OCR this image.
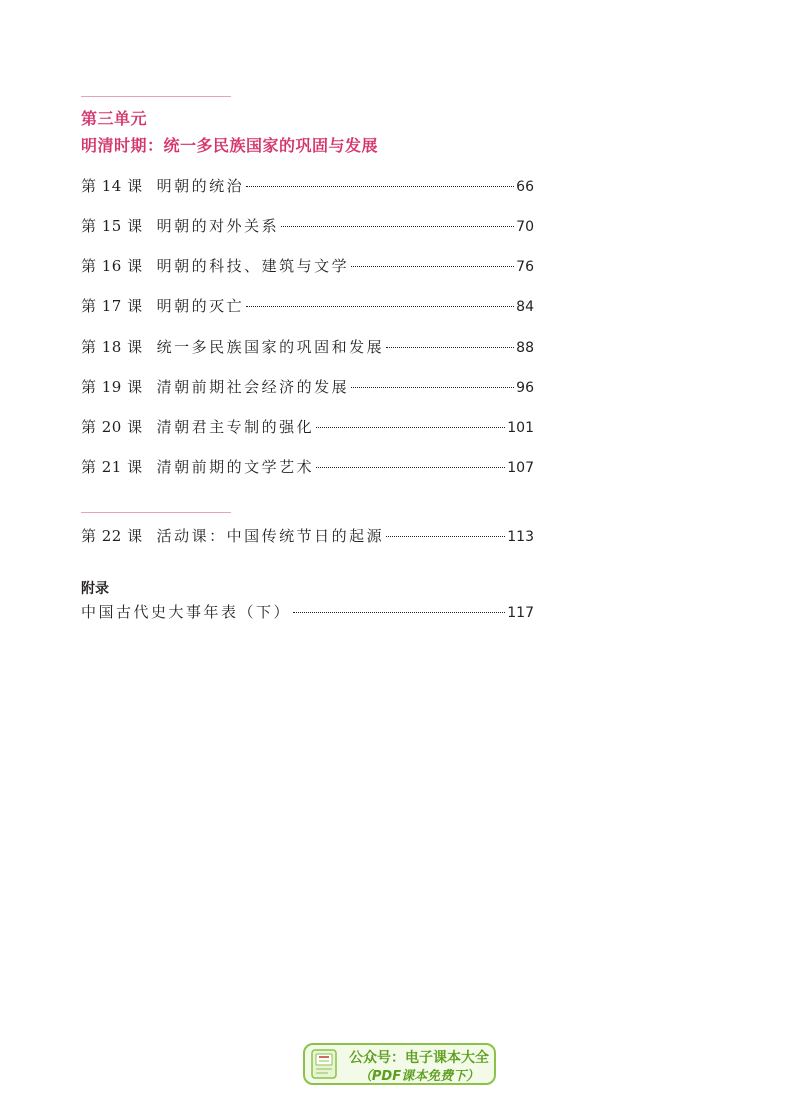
第三单元
明清时期：统一多民族国家的巩固与发展
第 14 课 明朝的统治	66
第 15 课 明朝的对外关系	70
第 16 课 明朝的科技、建筑与文学	76
第 17 课 明朝的灭亡	84
第 18 课 统一多民族国家的巩固和发展	88
第 19 课 清朝前期社会经济的发展	96
第 20 课 清朝君主专制的强化	101
第 21 课 清朝前期的文学艺术	107
第 22 课 活动课：中国传统节日的起源	113
附录
中国古代史大事年表（下）	117
公众号：电子课本大全
（PDF课本免费下）
